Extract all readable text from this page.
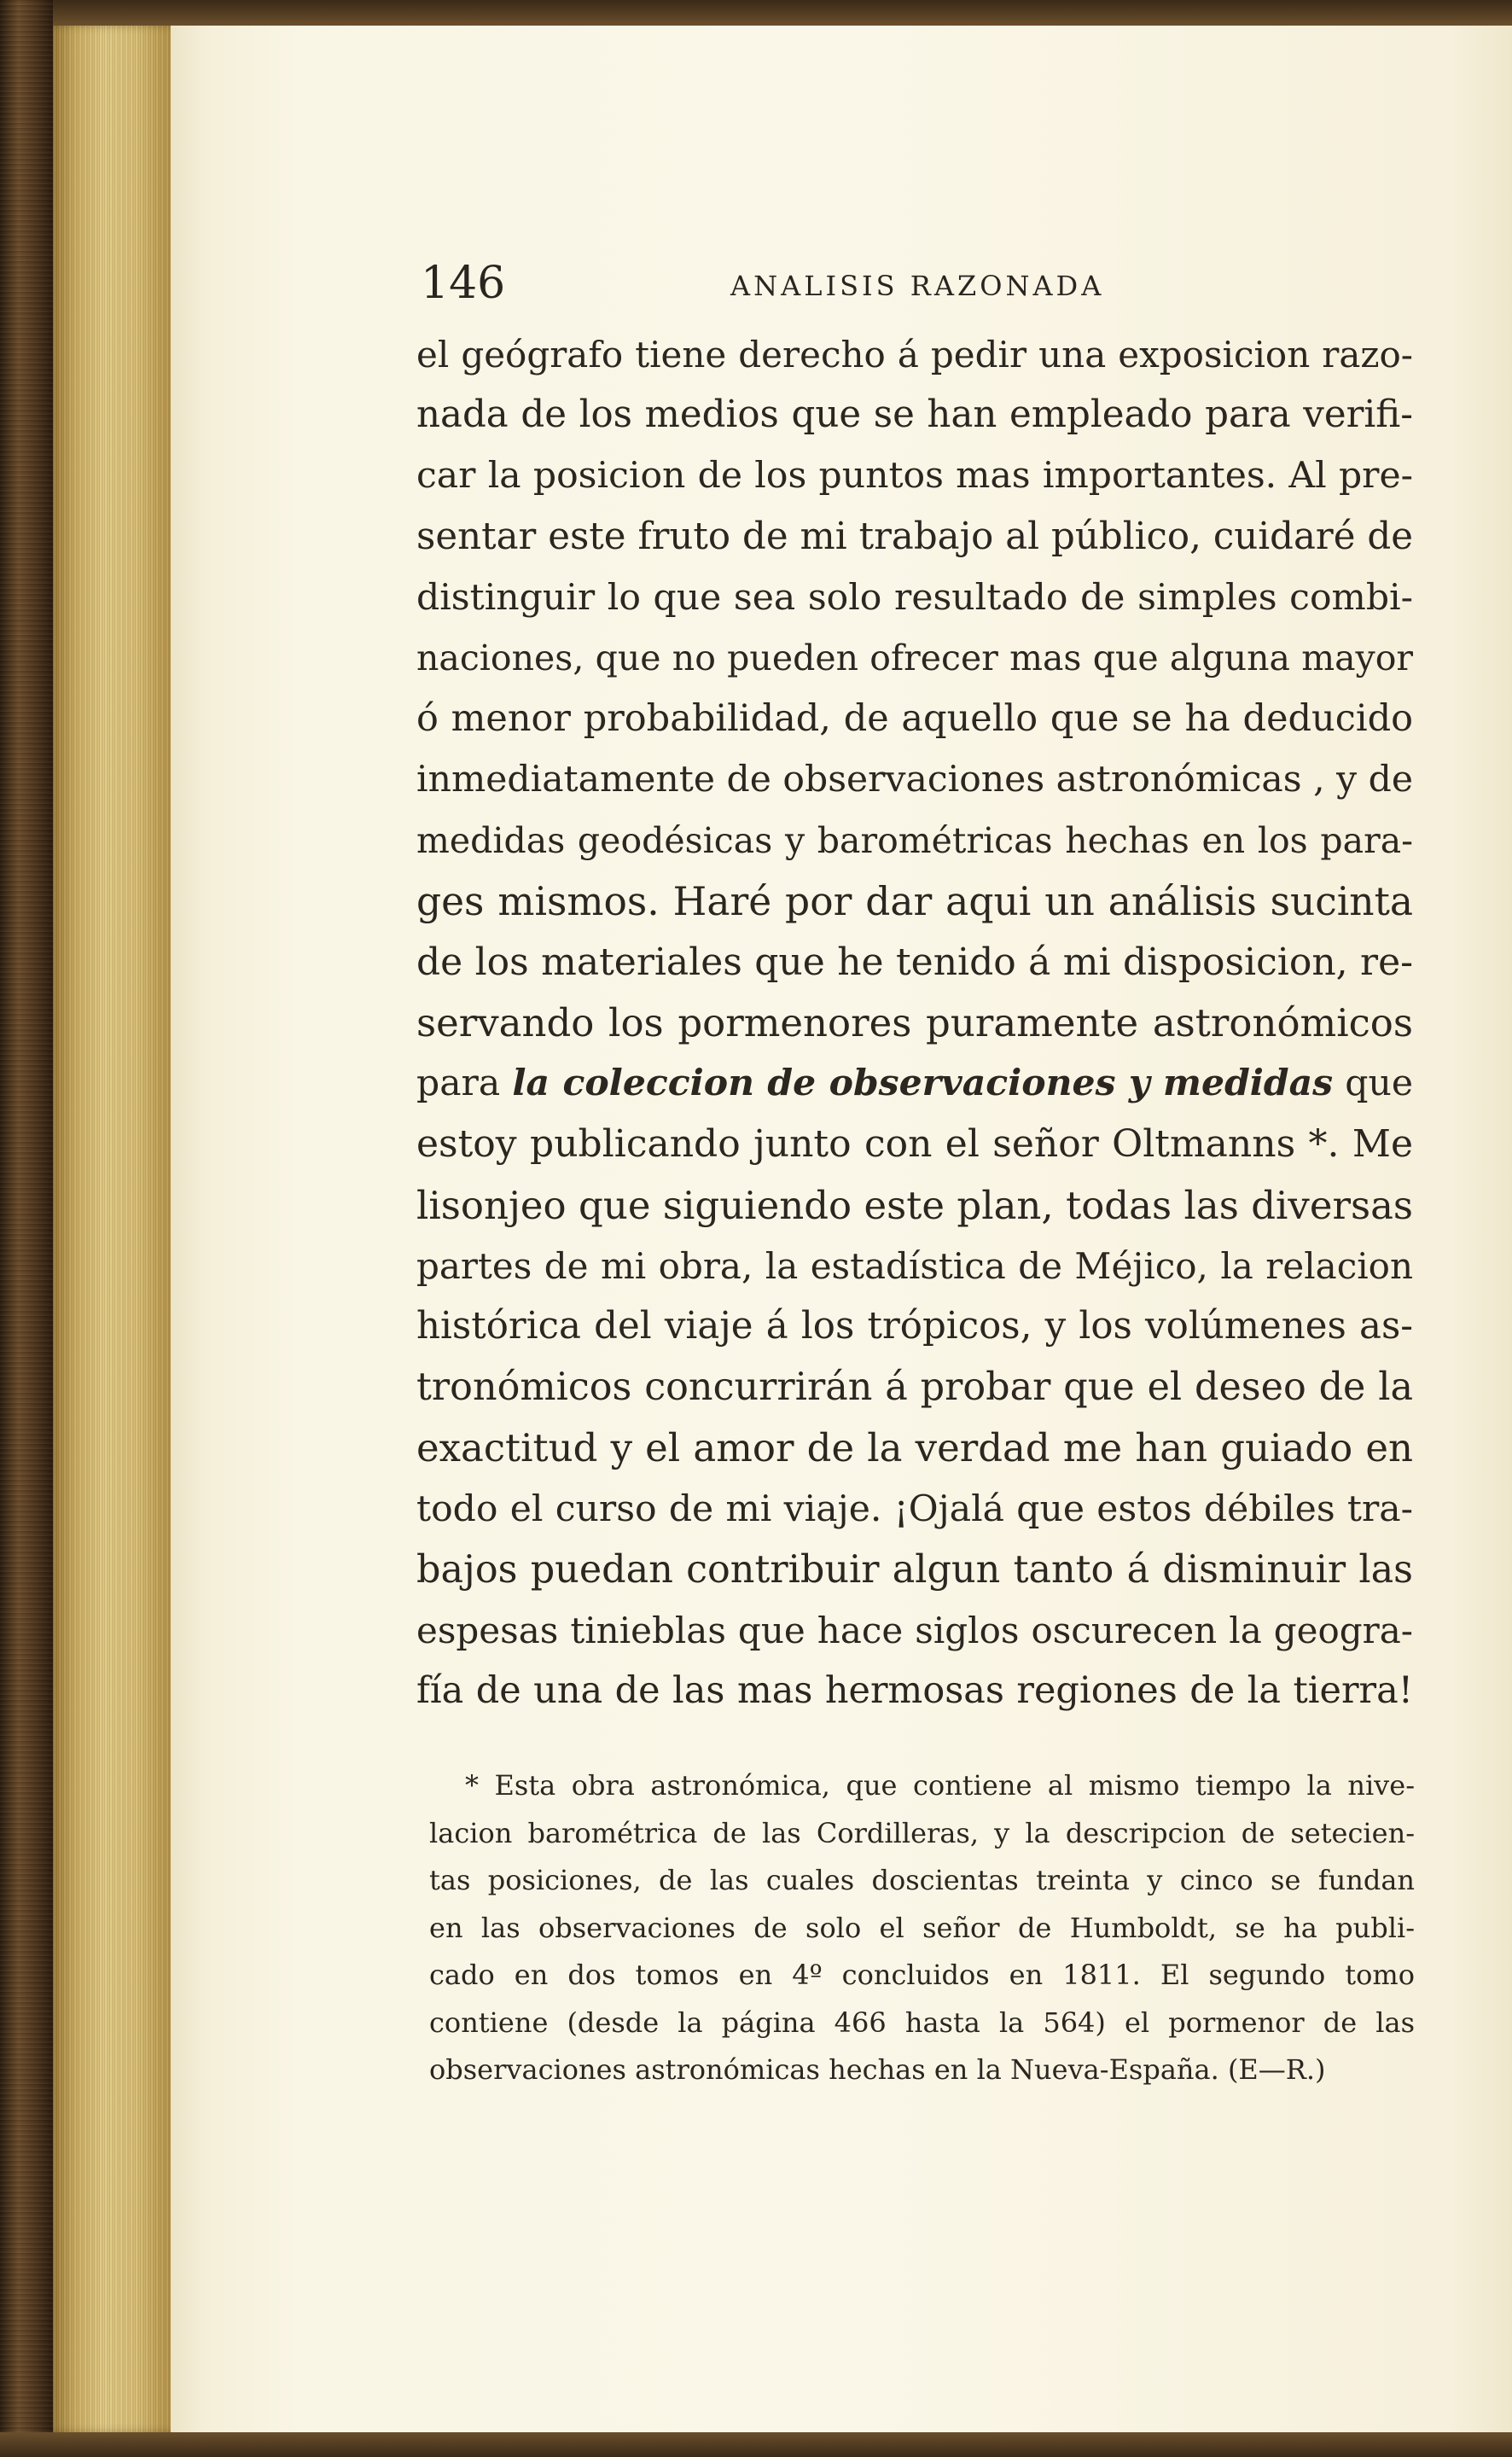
146	ANALISIS RAZONADA
el geógrafo tiene derecho á pedir una exposicion razo-
nada de los medios que se han empleado para verifi-
car la posicion de los puntos mas importantes. Al pre-
sentar este fruto de mi trabajo al público, cuidaré de
distinguir lo que sea solo resultado de simples combi-
naciones, que no pueden ofrecer mas que alguna mayor
ó menor probabilidad, de aquello que se ha deducido
inmediatamente de observaciones astronómicas , y de
medidas geodésicas y barométricas hechas en los para-
ges mismos. Haré por dar aqui un análisis sucinta
de los materiales que he tenido á mi disposicion, re-
servando los pormenores puramente astronómicos
para la coleccion de observaciones y medidas que
estoy publicando junto con el señor Oltmanns *. Me
lisonjeo que siguiendo este plan, todas las diversas
partes de mi obra, la estadística de Méjico, la relacion
histórica del viaje á los trópicos, y los volúmenes as-
tronómicos concurrirán á probar que el deseo de la
exactitud y el amor de la verdad me han guiado en
todo el curso de mi viaje. ¡Ojalá que estos débiles tra-
bajos puedan contribuir algun tanto á disminuir las
espesas tinieblas que hace siglos oscurecen la geogra-
fía de una de las mas hermosas regiones de la tierra!
* Esta obra astronómica, que contiene al mismo tiempo la nive-
lacion barométrica de las Cordilleras, y la descripcion de setecien-
tas posiciones, de las cuales doscientas treinta y cinco se fundan
en las observaciones de solo el señor de Humboldt, se ha publi-
cado en dos tomos en 4º concluidos en 1811. El segundo tomo
contiene (desde la página 466 hasta la 564) el pormenor de las
observaciones astronómicas hechas en la Nueva-España. (E—R.)
